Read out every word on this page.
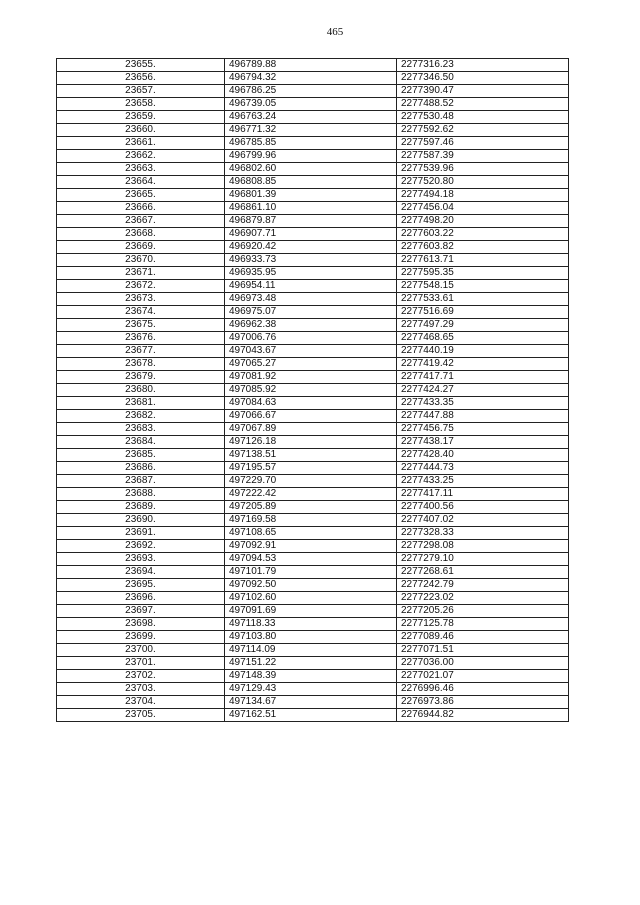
465
23655.	496789.88	2277316.23
23656.	496794.32	2277346.50
23657.	496786.25	2277390.47
23658.	496739.05	2277488.52
23659.	496763.24	2277530.48
23660.	496771.32	2277592.62
23661.	496785.85	2277597.46
23662.	496799.96	2277587.39
23663.	496802.60	2277539.96
23664.	496808.85	2277520.80
23665.	496801.39	2277494.18
23666.	496861.10	2277456.04
23667.	496879.87	2277498.20
23668.	496907.71	2277603.22
23669.	496920.42	2277603.82
23670.	496933.73	2277613.71
23671.	496935.95	2277595.35
23672.	496954.11	2277548.15
23673.	496973.48	2277533.61
23674.	496975.07	2277516.69
23675.	496962.38	2277497.29
23676.	497006.76	2277468.65
23677.	497043.67	2277440.19
23678.	497065.27	2277419.42
23679.	497081.92	2277417.71
23680.	497085.92	2277424.27
23681.	497084.63	2277433.35
23682.	497066.67	2277447.88
23683.	497067.89	2277456.75
23684.	497126.18	2277438.17
23685.	497138.51	2277428.40
23686.	497195.57	2277444.73
23687.	497229.70	2277433.25
23688.	497222.42	2277417.11
23689.	497205.89	2277400.56
23690.	497169.58	2277407.02
23691.	497108.65	2277328.33
23692.	497092.91	2277298.08
23693.	497094.53	2277279.10
23694.	497101.79	2277268.61
23695.	497092.50	2277242.79
23696.	497102.60	2277223.02
23697.	497091.69	2277205.26
23698.	497118.33	2277125.78
23699.	497103.80	2277089.46
23700.	497114.09	2277071.51
23701.	497151.22	2277036.00
23702.	497148.39	2277021.07
23703.	497129.43	2276996.46
23704.	497134.67	2276973.86
23705.	497162.51	2276944.82
